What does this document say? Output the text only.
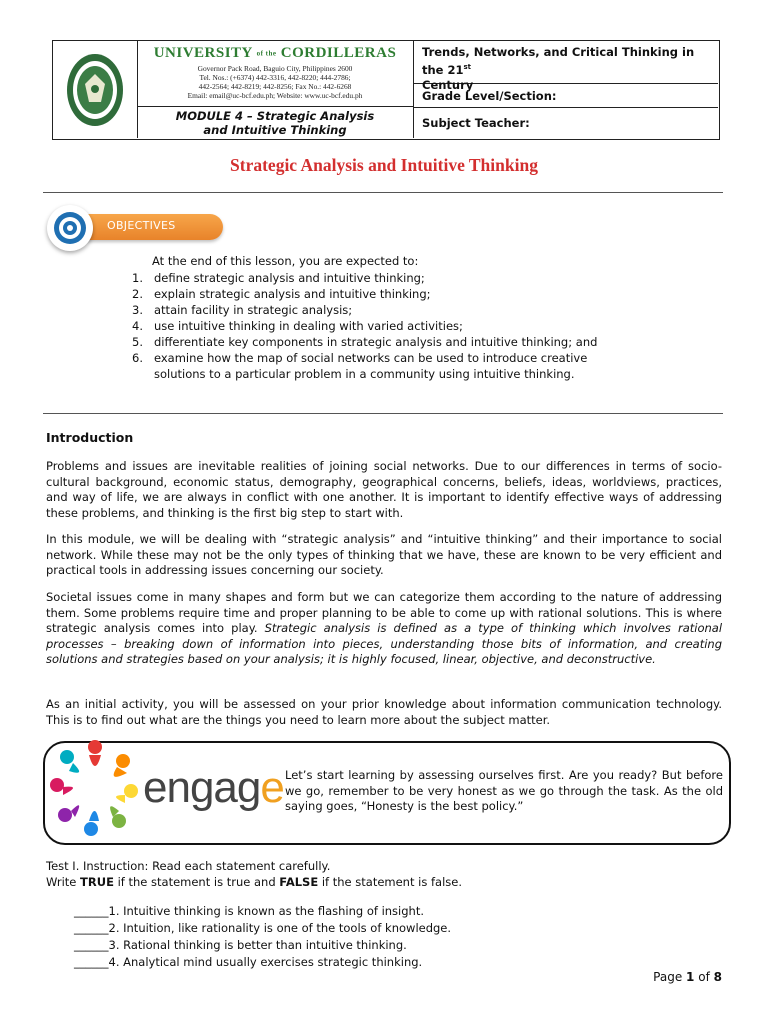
UNIVERSITY of the CORDILLERAS
Governor Pack Road, Baguio City, Philippines 2600
Tel. Nos.: (+6374) 442-3316, 442-8220; 444-2786;
442-2564; 442-8219; 442-8256; Fax No.: 442-6268
Email: email@uc-bcf.edu.ph; Website: www.uc-bcf.edu.ph
MODULE 4 – Strategic Analysis
and Intuitive Thinking
Trends, Networks, and Critical Thinking in the 21st
Century
Grade Level/Section:
Subject Teacher:
Strategic Analysis and Intuitive Thinking
OBJECTIVES
At the end of this lesson, you are expected to:
1. define strategic analysis and intuitive thinking;
2. explain strategic analysis and intuitive thinking;
3. attain facility in strategic analysis;
4. use intuitive thinking in dealing with varied activities;
5. differentiate key components in strategic analysis and intuitive thinking; and
6. examine how the map of social networks can be used to introduce creative solutions to a particular problem in a community using intuitive thinking.
Introduction

Problems and issues are inevitable realities of joining social networks. Due to our differences in terms of socio-cultural background, economic status, demography, geographical concerns, beliefs, ideas, worldviews, practices, and way of life, we are always in conflict with one another. It is important to identify effective ways of addressing these problems, and thinking is the first big step to start with.

In this module, we will be dealing with “strategic analysis” and “intuitive thinking” and their importance to social network. While these may not be the only types of thinking that we have, these are known to be very efficient and practical tools in addressing issues concerning our society.

Societal issues come in many shapes and form but we can categorize them according to the nature of addressing them. Some problems require time and proper planning to be able to come up with rational solutions. This is where strategic analysis comes into play. Strategic analysis is defined as a type of thinking which involves rational processes – breaking down of information into pieces, understanding those bits of information, and creating solutions and strategies based on your analysis; it is highly focused, linear, objective, and deconstructive.

As an initial activity, you will be assessed on your prior knowledge about information communication technology. This is to find out what are the things you need to learn more about the subject matter.

engage Let’s start learning by assessing ourselves first. Are you ready? But before we go, remember to be very honest as we go through the task. As the old saying goes, “Honesty is the best policy.”
Test I. Instruction: Read each statement carefully.
Write TRUE if the statement is true and FALSE if the statement is false.
______1. Intuitive thinking is known as the flashing of insight.
______2. Intuition, like rationality is one of the tools of knowledge.
______3. Rational thinking is better than intuitive thinking.
______4. Analytical mind usually exercises strategic thinking.
Page 1 of 8
